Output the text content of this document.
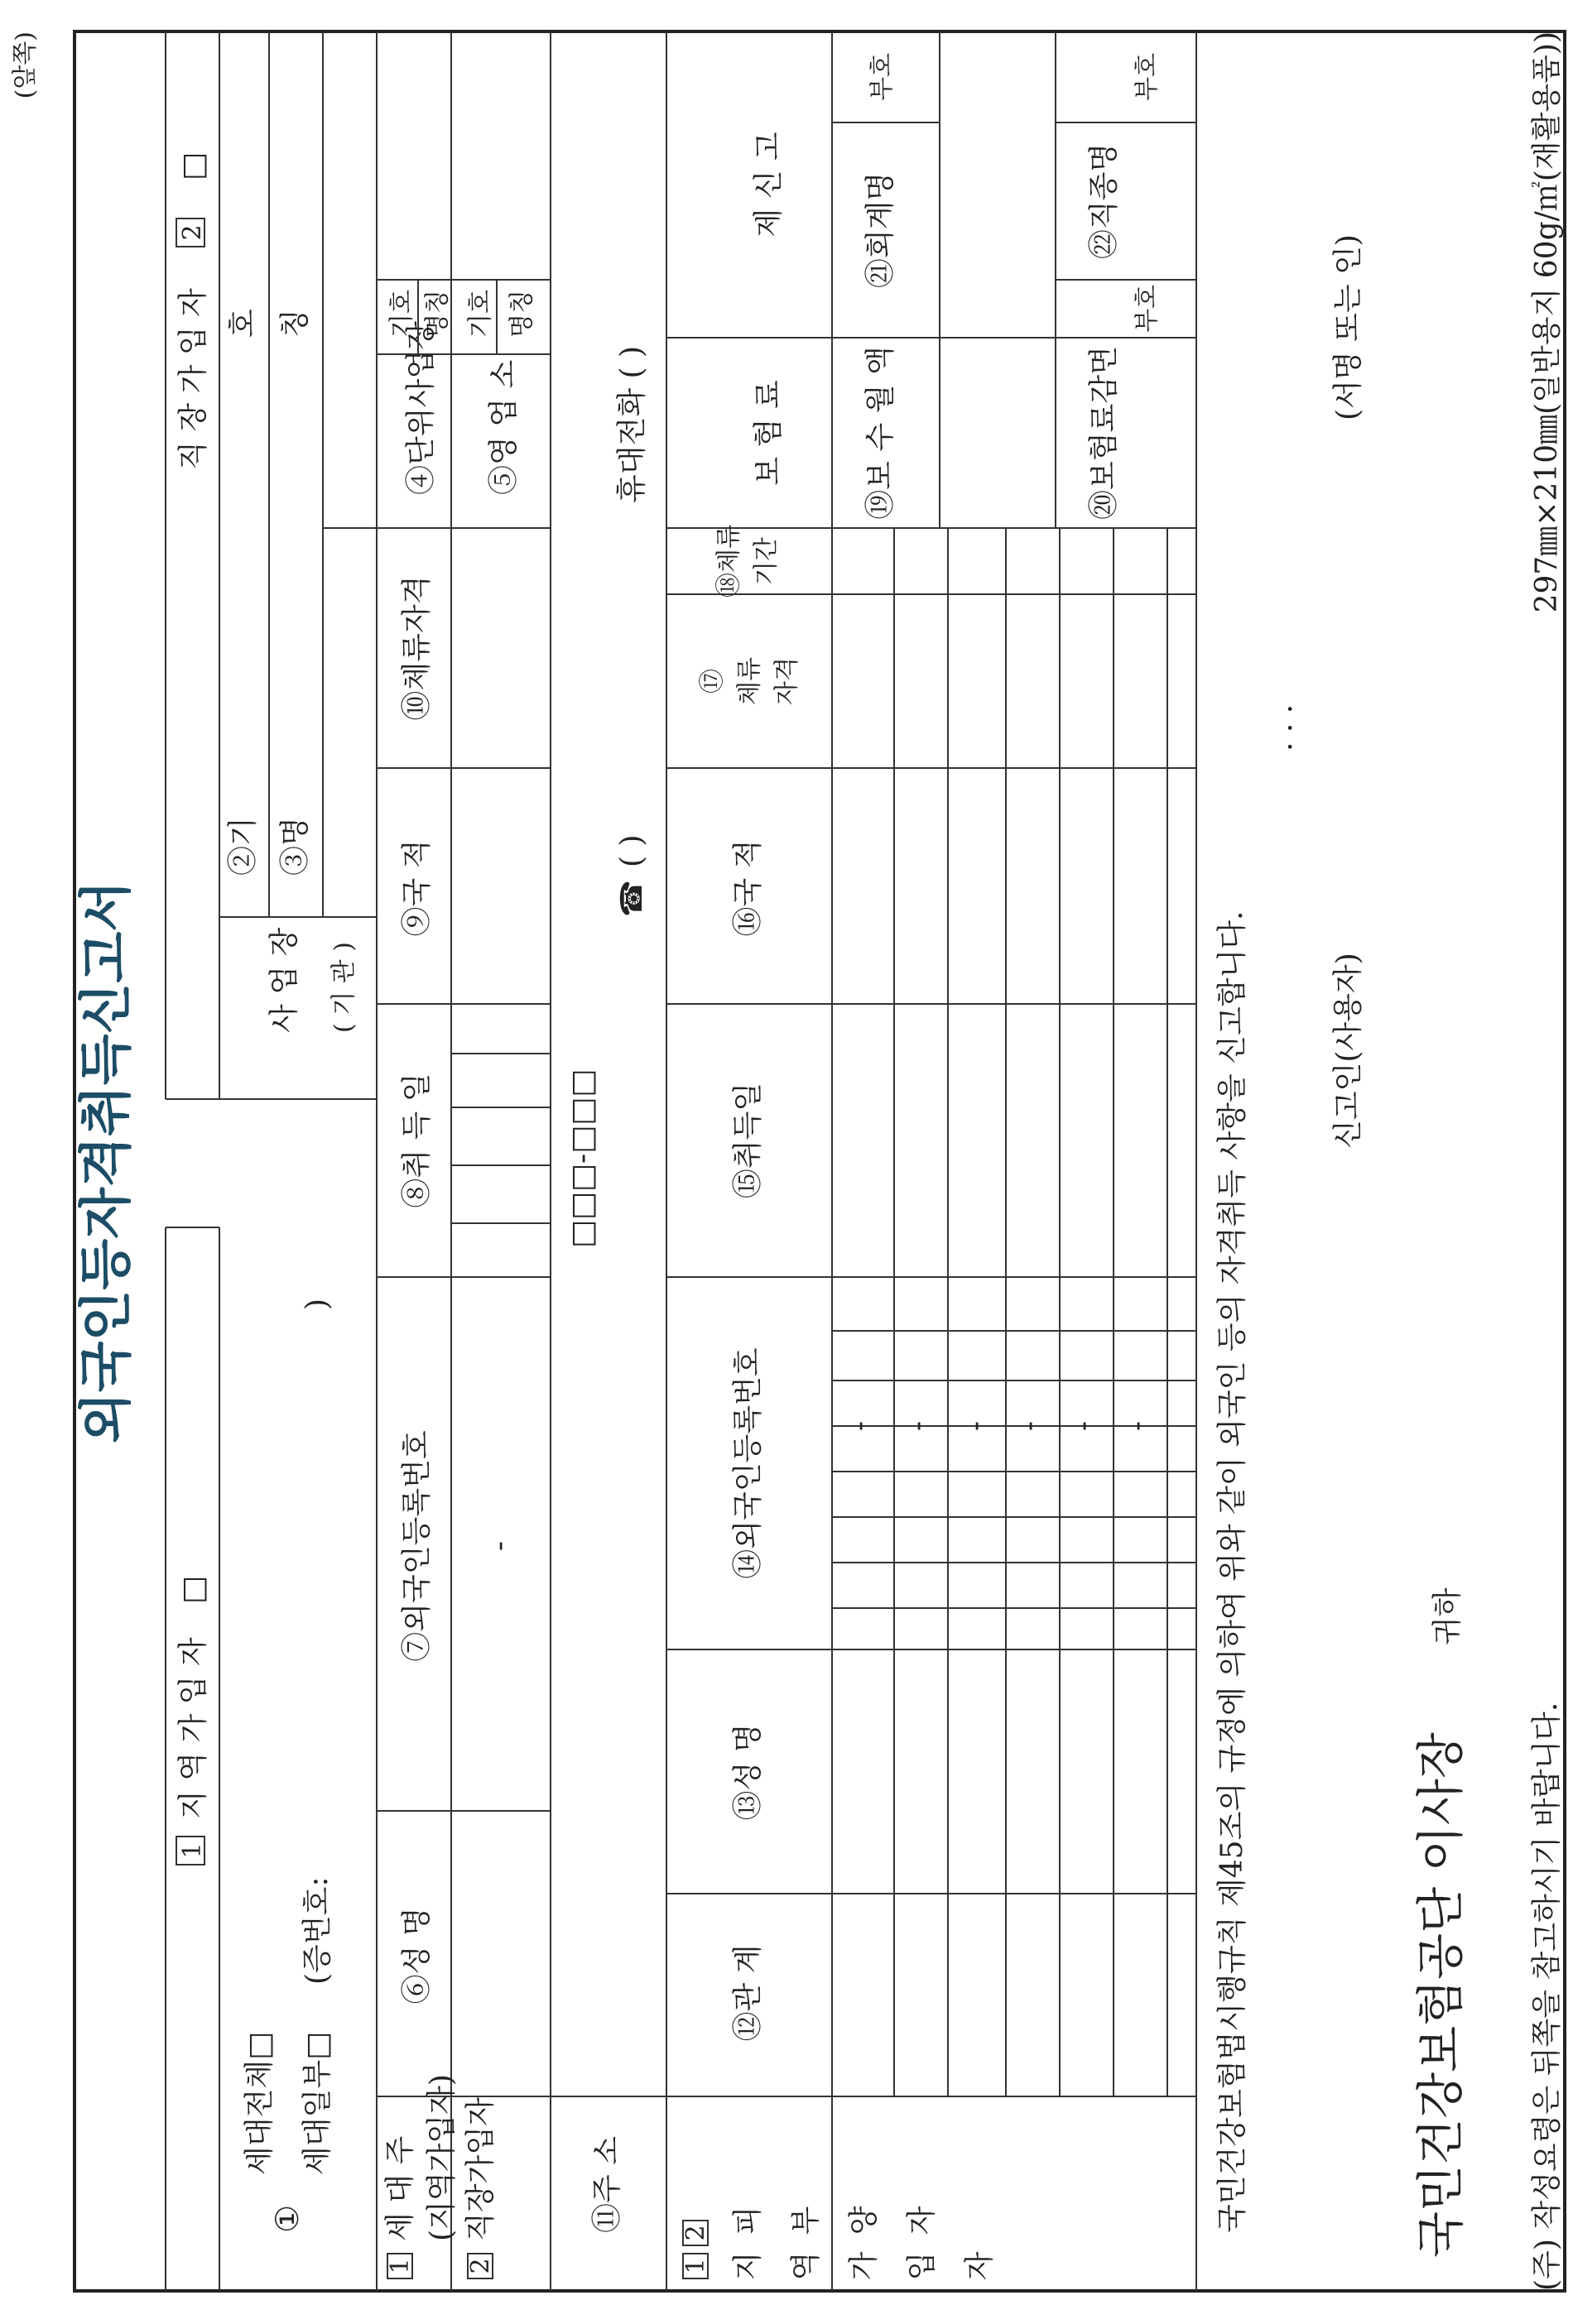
(앞쪽)
외국인등자격취득신고서
1
지 역 가 입 자
□
세대전체□
①
세대일부□
(증번호:
)
2
직 장 가 입 자
□
사 업 장 ( 기 관 )
②기
호
③명
칭
1
세 대 주 (지역가입자)
2
직장가입자
⑥성 명
⑦외국인등록번호 -
⑧취 득 일
⑨국 적
⑩체류자격
④단위사업장
기호 명칭
⑤영 업 소
기호 명칭
⑪주 소
□□□-□□□
☎
( )
휴대전화 ( )
1
2
지 역 가 입 자
피 부 양 자
⑫관 계
⑬성 명
⑭외국인등록번호
⑮취득일
⑯국 적
⑰ 체류 자격
⑱체류 기간
- - - - - -
보 험 료
제 신 고
⑲보 수 월 액
㉑회계명
부호
⑳보험료감면
부호
㉒직종명
부호
국민건강보험법시행규칙 제45조의 규정에 의하여 위와 같이 외국인 등의 자격취득 사항을 신고합니다.
. . .
신고인(사용자)
(서명 또는 인)
국민건강보험공단 이사장
귀하
(주) 작성요령은 뒤쪽을 참고하시기 바랍니다.
297㎜×210㎜(일반용지 60g/㎡(재활용품))
